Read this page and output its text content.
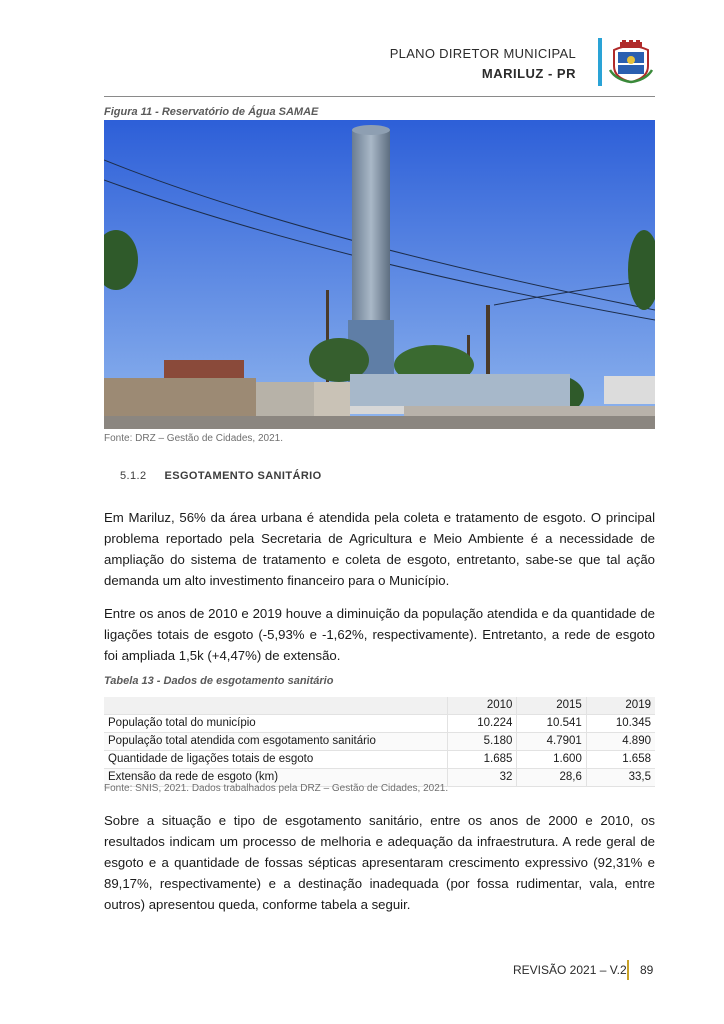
PLANO DIRETOR MUNICIPAL
MARILUZ - PR
Figura 11 - Reservatório de Água SAMAE
Fonte: DRZ – Gestão de Cidades, 2021.
5.1.2 ESGOTAMENTO SANITÁRIO
Em Mariluz, 56% da área urbana é atendida pela coleta e tratamento de esgoto. O principal problema reportado pela Secretaria de Agricultura e Meio Ambiente é a necessidade de ampliação do sistema de tratamento e coleta de esgoto, entretanto, sabe-se que tal ação demanda um alto investimento financeiro para o Município.
Entre os anos de 2010 e 2019 houve a diminuição da população atendida e da quantidade de ligações totais de esgoto (-5,93% e -1,62%, respectivamente). Entretanto, a rede de esgoto foi ampliada 1,5k (+4,47%) de extensão.
Tabela 13 - Dados de esgotamento sanitário
	2010	2015	2019
População total do município	10.224	10.541	10.345
População total atendida com esgotamento sanitário	5.180	4.7901	4.890
Quantidade de ligações totais de esgoto	1.685	1.600	1.658
Extensão da rede de esgoto (km)	32	28,6	33,5
Fonte: SNIS, 2021. Dados trabalhados pela DRZ – Gestão de Cidades, 2021.
Sobre a situação e tipo de esgotamento sanitário, entre os anos de 2000 e 2010, os resultados indicam um processo de melhoria e adequação da infraestrutura. A rede geral de esgoto e a quantidade de fossas sépticas apresentaram crescimento expressivo (92,31% e 89,17%, respectivamente) e a destinação inadequada (por fossa rudimentar, vala, entre outros) apresentou queda, conforme tabela a seguir.
REVISÃO 2021 – V.2 89
